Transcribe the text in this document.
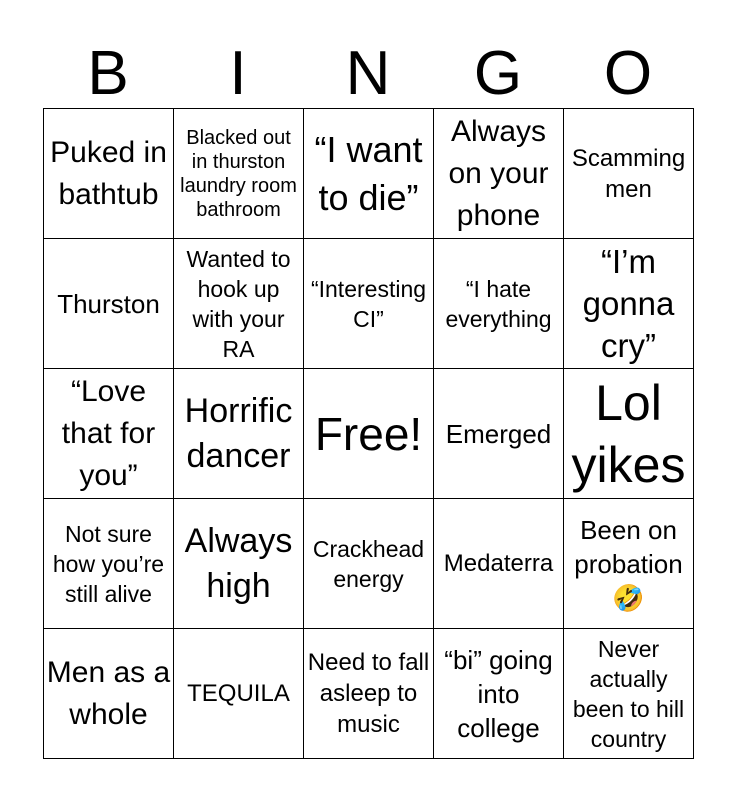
B	I	N	G	O
Puked in bathtub	Blacked out in thurston laundry room bathroom	“I want to die”	Always on your phone	Scamming men

Thurston	Wanted to hook up with your RA	“Interesting CI”	“I hate everything	“I’m gonna cry”

“Love that for you”	Horrific dancer	Free!	Emerged	Lol yikes

Not sure how you’re still alive	Always high	Crackhead energy	Medaterra	Been on probation 🤣

Men as a whole	TEQUILA	Need to fall asleep to music	“bi” going into college	Never actually been to hill country
